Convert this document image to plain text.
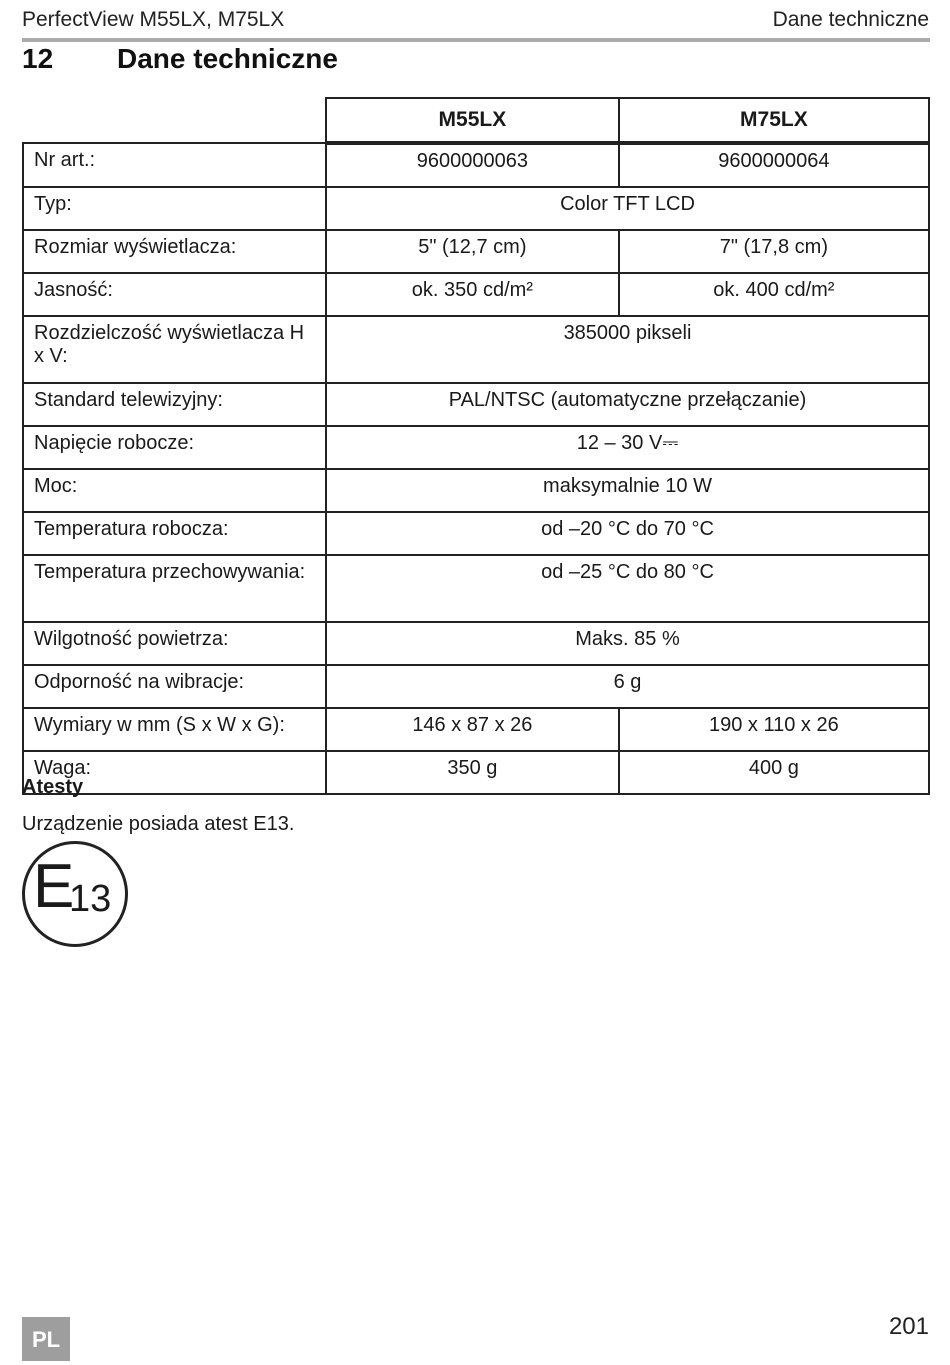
PerfectView M55LX, M75LX	Dane techniczne
12 Dane techniczne
	M55LX	M75LX
Nr art.:	9600000063	9600000064
Typ:	Color TFT LCD	
Rozmiar wyświetlacza:	5" (12,7 cm)	7" (17,8 cm)
Jasność:	ok. 350 cd/m²	ok. 400 cd/m²
Rozdzielczość wyświetlacza H x V:	385000 pikseli	
Standard telewizyjny:	PAL/NTSC (automatyczne przełączanie)	
Napięcie robocze:	12 – 30 V⎓	
Moc:	maksymalnie 10 W	
Temperatura robocza:	od –20 °C do 70 °C	
Temperatura przechowywania:	od –25 °C do 80 °C	
Wilgotność powietrza:	Maks. 85 %	
Odporność na wibracje:	6 g	
Wymiary w mm (S x W x G):	146 x 87 x 26	190 x 110 x 26
Waga:	350 g	400 g
Atesty
Urządzenie posiada atest E13.
E
13
PL	201
